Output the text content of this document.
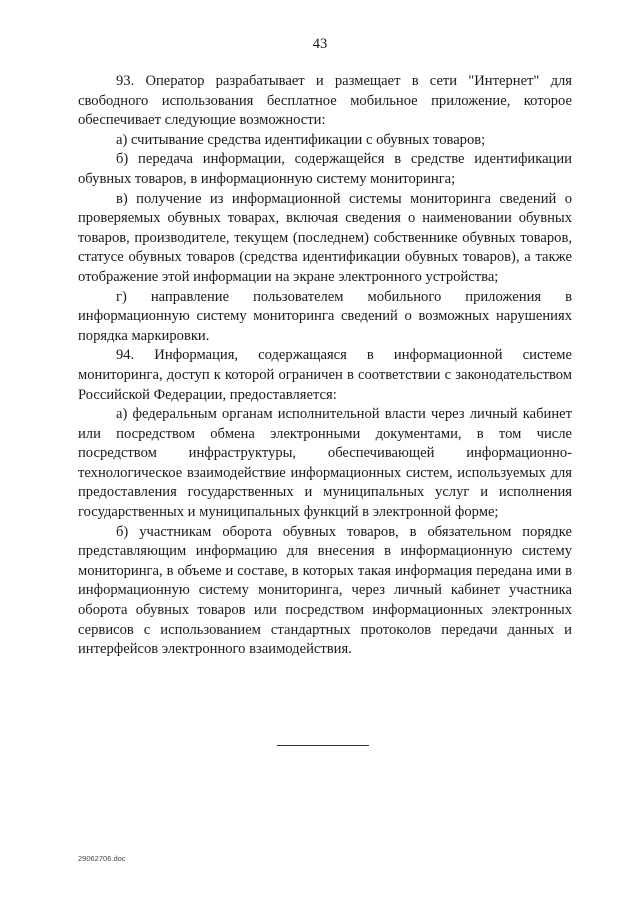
43

93. Оператор разрабатывает и размещает в сети "Интернет" для свободного использования бесплатное мобильное приложение, которое обеспечивает следующие возможности:

а) считывание средства идентификации с обувных товаров;

б) передача информации, содержащейся в средстве идентификации обувных товаров, в информационную систему мониторинга;

в) получение из информационной системы мониторинга сведений о проверяемых обувных товарах, включая сведения о наименовании обувных товаров, производителе, текущем (последнем) собственнике обувных товаров, статусе обувных товаров (средства идентификации обувных товаров), а также отображение этой информации на экране электронного устройства;

г) направление пользователем мобильного приложения в информационную систему мониторинга сведений о возможных нарушениях порядка маркировки.

94. Информация, содержащаяся в информационной системе мониторинга, доступ к которой ограничен в соответствии с законодательством Российской Федерации, предоставляется:

а) федеральным органам исполнительной власти через личный кабинет или посредством обмена электронными документами, в том числе посредством инфраструктуры, обеспечивающей информационно-технологическое взаимодействие информационных систем, используемых для предоставления государственных и муниципальных услуг и исполнения государственных и муниципальных функций в электронной форме;

б) участникам оборота обувных товаров, в обязательном порядке представляющим информацию для внесения в информационную систему мониторинга, в объеме и составе, в которых такая информация передана ими в информационную систему мониторинга, через личный кабинет участника оборота обувных товаров или посредством информационных электронных сервисов с использованием стандартных протоколов передачи данных и интерфейсов электронного взаимодействия.

29062706.doc
